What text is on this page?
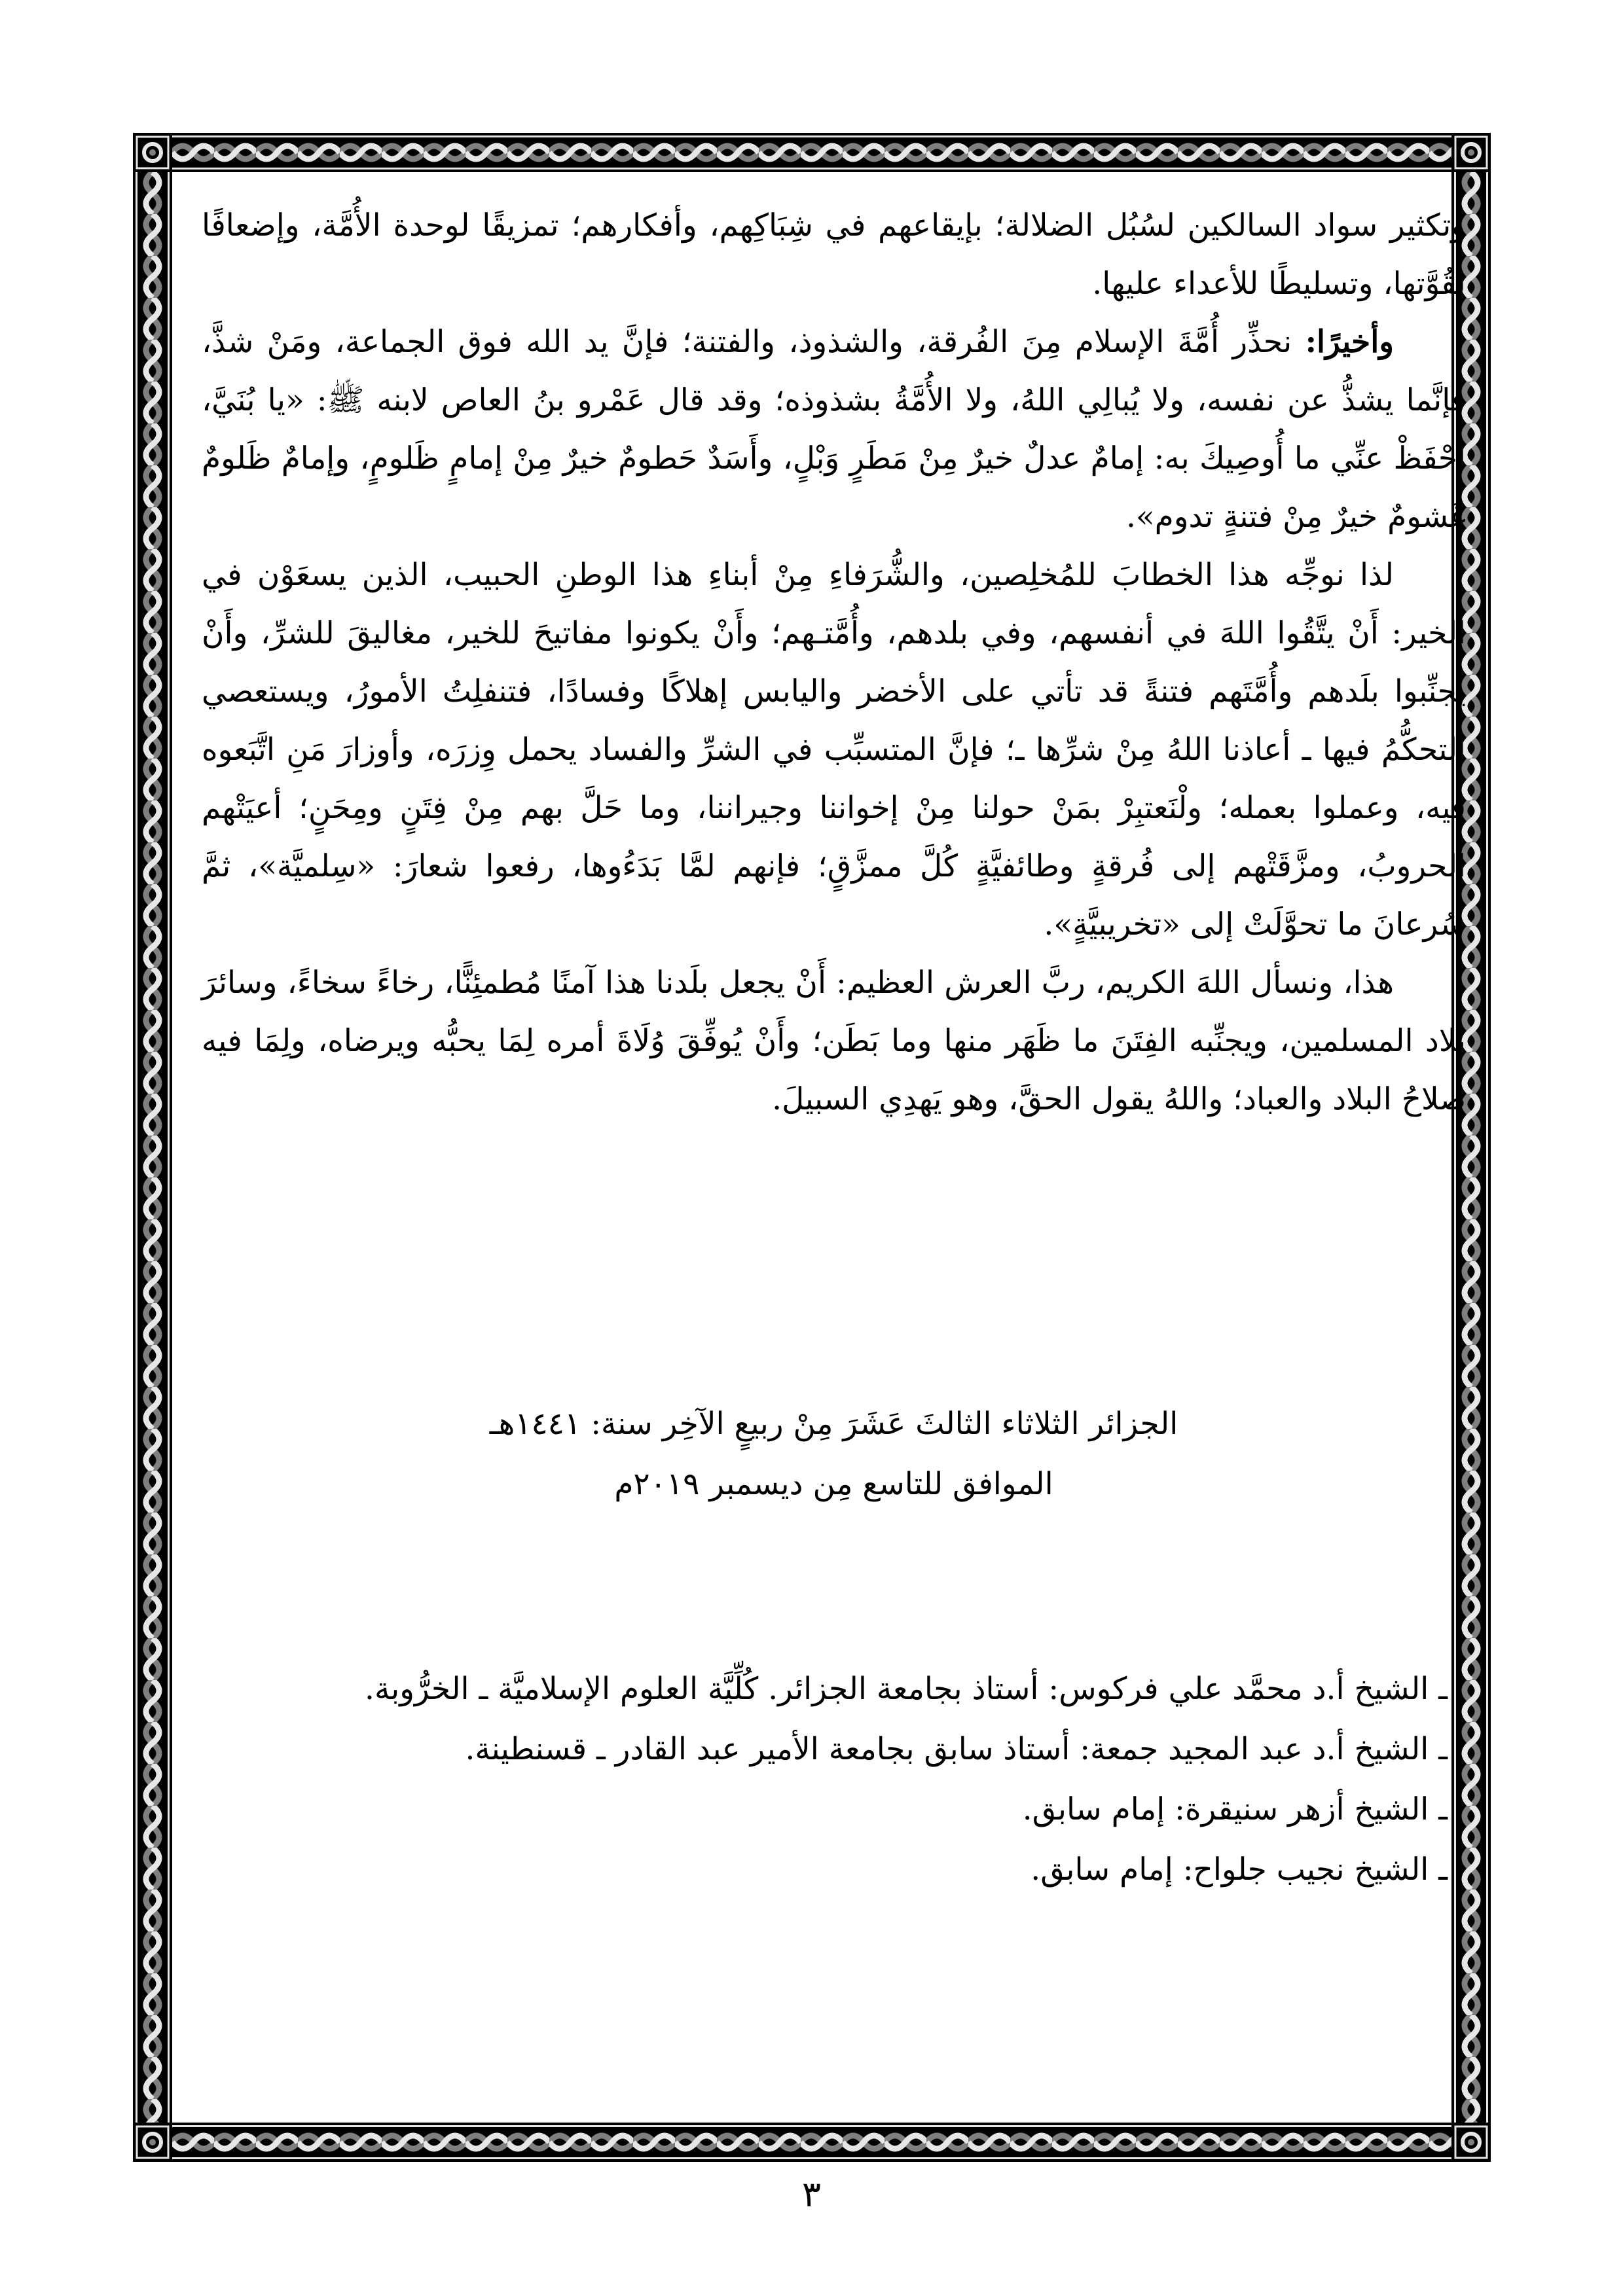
وتكثير سواد السالكين لسُبُل الضلالة؛ بإيقاعهم في شِبَاكِهم، وأفكارهم؛ تمزيقًا لوحدة الأُمَّة، وإضعافًا لقُوَّتها، وتسليطًا للأعداء عليها.

وأخيرًا: نحذِّر أُمَّةَ الإسلام مِنَ الفُرقة، والشذوذ، والفتنة؛ فإنَّ يد الله فوق الجماعة، ومَنْ شذَّ، فإنَّما يشذُّ عن نفسه، ولا يُبالِي اللهُ، ولا الأُمَّةُ بشذوذه؛ وقد قال عَمْرو بنُ العاص لابنه ﷺ: «يا بُنَيَّ، احْفَظْ عنِّي ما أُوصِيكَ به: إمامٌ عدلٌ خيرٌ مِنْ مَطَرٍ وَبْلٍ، وأَسَدٌ حَطومٌ خيرٌ مِنْ إمامٍ ظَلومٍ، وإمامٌ ظَلومٌ غَشومٌ خيرٌ مِنْ فتنةٍ تدوم».

لذا نوجِّه هذا الخطابَ للمُخلِصين، والشُّرَفاءِ مِنْ أبناءِ هذا الوطنِ الحبيب، الذين يسعَوْن في الخير: أَنْ يتَّقُوا اللهَ في أنفسهم، وفي بلدهم، وأُمَّتـهم؛ وأَنْ يكونوا مفاتيحَ للخير، مغاليقَ للشرِّ، وأَنْ يجنِّبوا بلَدهم وأُمَّتَهم فتنةً قد تأتي على الأخضر واليابس إهلاكًا وفسادًا، فتنفلِتُ الأمورُ، ويستعصي التحكُّمُ فيها ـ أعاذنا اللهُ مِنْ شرِّها ـ؛ فإنَّ المتسبِّب في الشرِّ والفساد يحمل وِزرَه، وأوزارَ مَنِ اتَّبَعوه فيه، وعملوا بعمله؛ ولْنَعتبِرْ بمَنْ حولنا مِنْ إخواننا وجيراننا، وما حَلَّ بهم مِنْ فِتَنٍ ومِحَنٍ؛ أعيَتْهم الحروبُ، ومزَّقَتْهم إلى فُرقةٍ وطائفيَّةٍ كُلَّ ممزَّقٍ؛ فإنهم لمَّا بَدَءُوها، رفعوا شعارَ: «سِلميَّة»، ثمَّ سُرعانَ ما تحوَّلَتْ إلى «تخريبيَّةٍ».

هذا، ونسأل اللهَ الكريم، ربَّ العرش العظيم: أَنْ يجعل بلَدنا هذا آمنًا مُطمئِنًّا، رخاءً سخاءً، وسائرَ بلاد المسلمين، ويجنِّبه الفِتَنَ ما ظَهَر منها وما بَطَن؛ وأَنْ يُوفِّقَ وُلَاةَ أمره لِمَا يحبُّه ويرضاه، ولِمَا فيه صلاحُ البلاد والعباد؛ واللهُ يقول الحقَّ، وهو يَهدِي السبيلَ.

الجزائر الثلاثاء الثالثَ عَشَرَ مِنْ ربيعٍ الآخِر سنة: ١٤٤١هـ

الموافق للتاسع مِن ديسمبر ٢٠١٩م

ـ الشيخ أ.د محمَّد علي فركوس: أستاذ بجامعة الجزائر. كُلِّيَّة العلوم الإسلاميَّة ـ الخرُّوبة.

ـ الشيخ أ.د عبد المجيد جمعة: أستاذ سابق بجامعة الأمير عبد القادر ـ قسنطينة.

ـ الشيخ أزهر سنيقرة: إمام سابق.

ـ الشيخ نجيب جلواح: إمام سابق.

٣
